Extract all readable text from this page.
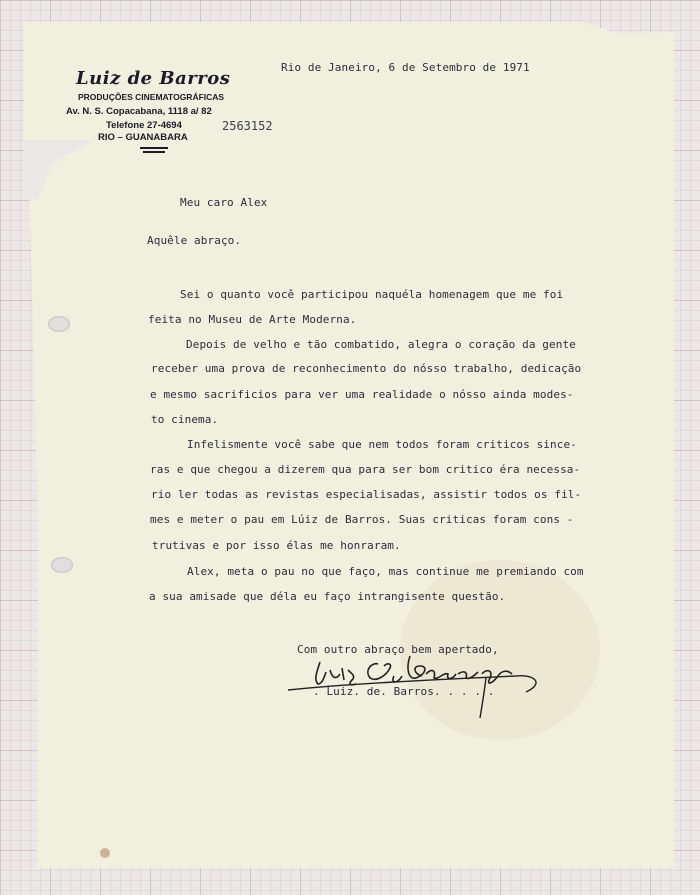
Luiz de Barros
PRODUÇÕES CINEMATOGRÁFICAS
Av. N. S. Copacabana, 1118 a/ 82
Telefone 27-4694	2563152
RIO – GUANABARA
Rio de Janeiro, 6 de Setembro de 1971
Meu caro Alex
Aquêle abraço.
Sei o quanto você participou naquéla homenagem que me foi
feita no Museu de Arte Moderna.
Depois de velho e tão combatido, alegra o coração da gente
receber uma prova de reconhecimento do nósso trabalho, dedicação
e mesmo sacrificios para ver uma realidade o nósso ainda modes-
to cinema.
Infelismente você sabe que nem todos foram criticos since-
ras e que chegou a dizerem qua para ser bom critico éra necessa-
rio ler todas as revistas especialisadas, assistir todos os fil-
mes e meter o pau em Lúiz de Barros. Suas criticas foram cons -
trutivas e por isso élas me honraram.
Alex, meta o pau no que faço, mas continue me premiando com
a sua amisade que déla eu faço intrangisente questão.
Com outro abraço bem apertado,
. Luiz. de. Barros. . . . .
